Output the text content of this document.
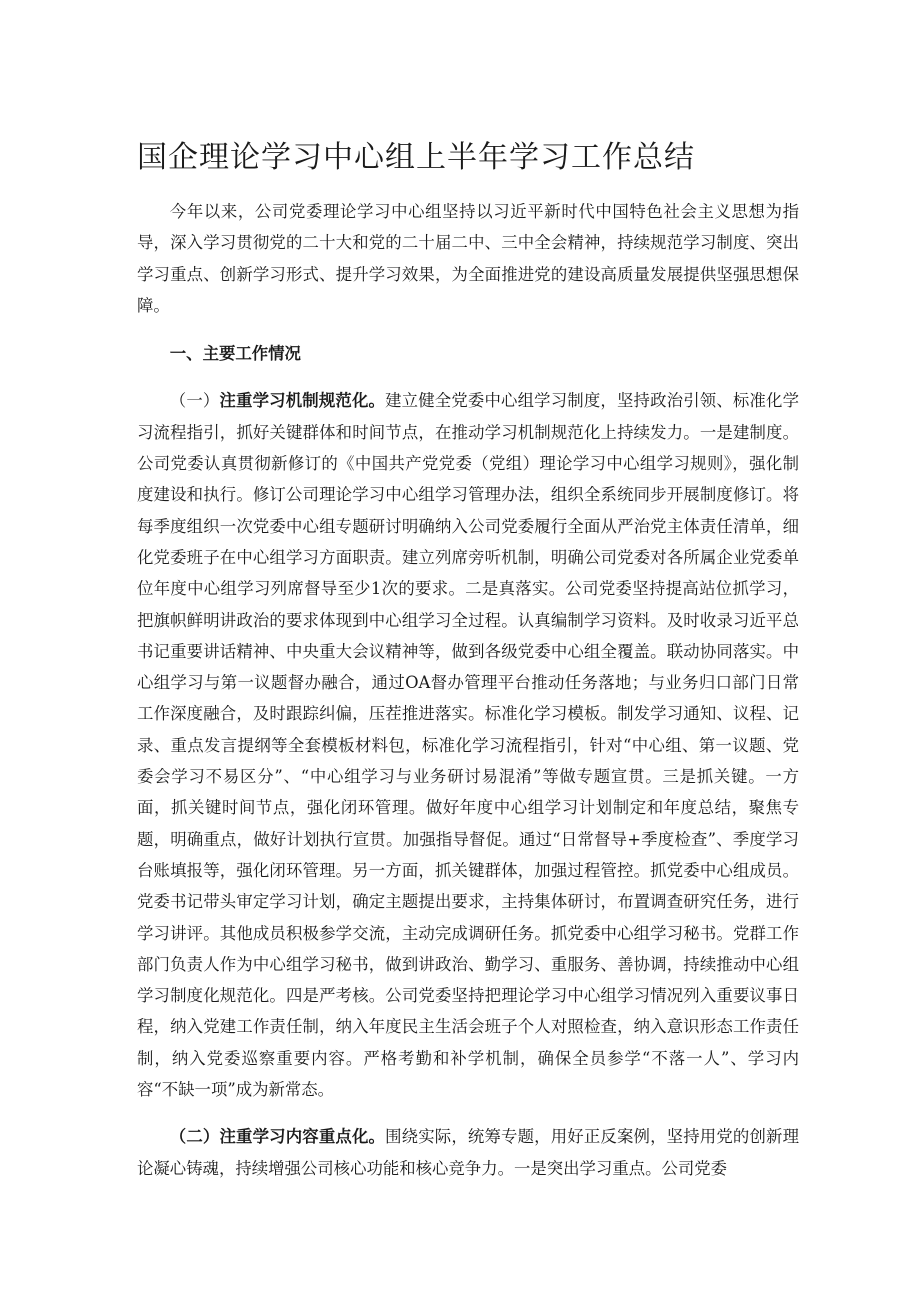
国企理论学习中心组上半年学习工作总结

今年以来，公司党委理论学习中心组坚持以习近平新时代中国特色社会主义思想为指导，深入学习贯彻党的二十大和党的二十届二中、三中全会精神，持续规范学习制度、突出学习重点、创新学习形式、提升学习效果，为全面推进党的建设高质量发展提供坚强思想保障。

一、主要工作情况

（一）注重学习机制规范化。建立健全党委中心组学习制度，坚持政治引领、标准化学习流程指引，抓好关键群体和时间节点，在推动学习机制规范化上持续发力。一是建制度。公司党委认真贯彻新修订的《中国共产党党委（党组）理论学习中心组学习规则》，强化制度建设和执行。修订公司理论学习中心组学习管理办法，组织全系统同步开展制度修订。将每季度组织一次党委中心组专题研讨明确纳入公司党委履行全面从严治党主体责任清单，细化党委班子在中心组学习方面职责。建立列席旁听机制，明确公司党委对各所属企业党委单位年度中心组学习列席督导至少1次的要求。二是真落实。公司党委坚持提高站位抓学习，把旗帜鲜明讲政治的要求体现到中心组学习全过程。认真编制学习资料。及时收录习近平总书记重要讲话精神、中央重大会议精神等，做到各级党委中心组全覆盖。联动协同落实。中心组学习与第一议题督办融合，通过OA督办管理平台推动任务落地；与业务归口部门日常工作深度融合，及时跟踪纠偏，压茬推进落实。标准化学习模板。制发学习通知、议程、记录、重点发言提纲等全套模板材料包，标准化学习流程指引，针对“中心组、第一议题、党委会学习不易区分”、“中心组学习与业务研讨易混淆”等做专题宣贯。三是抓关键。一方面，抓关键时间节点，强化闭环管理。做好年度中心组学习计划制定和年度总结，聚焦专题，明确重点，做好计划执行宣贯。加强指导督促。通过“日常督导+季度检查”、季度学习台账填报等，强化闭环管理。另一方面，抓关键群体，加强过程管控。抓党委中心组成员。党委书记带头审定学习计划，确定主题提出要求，主持集体研讨，布置调查研究任务，进行学习讲评。其他成员积极参学交流，主动完成调研任务。抓党委中心组学习秘书。党群工作部门负责人作为中心组学习秘书，做到讲政治、勤学习、重服务、善协调，持续推动中心组学习制度化规范化。四是严考核。公司党委坚持把理论学习中心组学习情况列入重要议事日程，纳入党建工作责任制，纳入年度民主生活会班子个人对照检查，纳入意识形态工作责任制，纳入党委巡察重要内容。严格考勤和补学机制，确保全员参学“不落一人”、学习内容“不缺一项”成为新常态。

（二）注重学习内容重点化。围绕实际，统筹专题，用好正反案例，坚持用党的创新理论凝心铸魂，持续增强公司核心功能和核心竞争力。一是突出学习重点。公司党委
